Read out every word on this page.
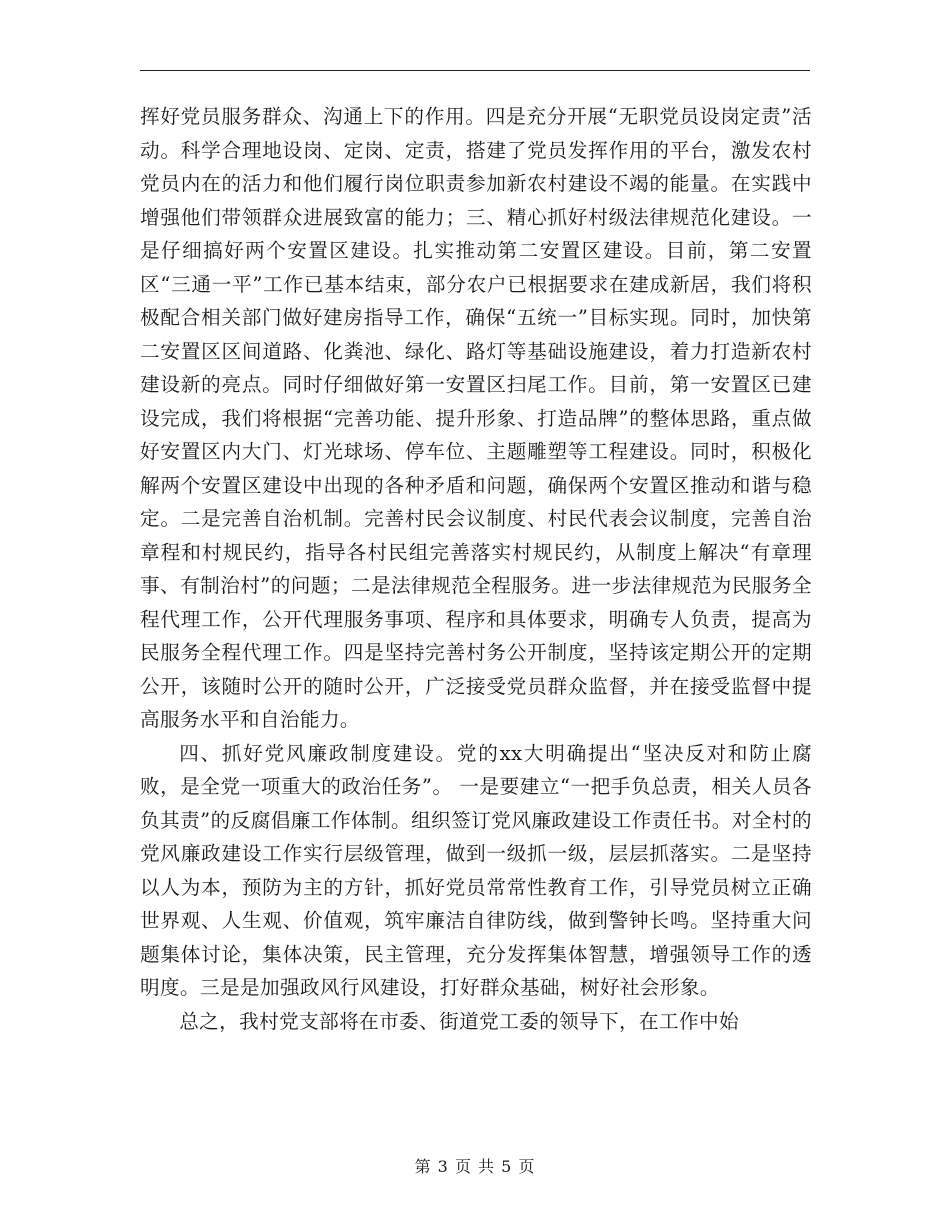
挥好党员服务群众、沟通上下的作用。四是充分开展“无职党员设岗定责”活动。科学合理地设岗、定岗、定责，搭建了党员发挥作用的平台，激发农村党员内在的活力和他们履行岗位职责参加新农村建设不竭的能量。在实践中增强他们带领群众进展致富的能力；三、精心抓好村级法律规范化建设。一是仔细搞好两个安置区建设。扎实推动第二安置区建设。目前，第二安置区“三通一平”工作已基本结束，部分农户已根据要求在建成新居，我们将积极配合相关部门做好建房指导工作，确保“五统一”目标实现。同时，加快第二安置区区间道路、化粪池、绿化、路灯等基础设施建设，着力打造新农村建设新的亮点。同时仔细做好第一安置区扫尾工作。目前，第一安置区已建设完成，我们将根据“完善功能、提升形象、打造品牌”的整体思路，重点做好安置区内大门、灯光球场、停车位、主题雕塑等工程建设。同时，积极化解两个安置区建设中出现的各种矛盾和问题，确保两个安置区推动和谐与稳定。二是完善自治机制。完善村民会议制度、村民代表会议制度，完善自治章程和村规民约，指导各村民组完善落实村规民约，从制度上解决“有章理事、有制治村”的问题；二是法律规范全程服务。进一步法律规范为民服务全程代理工作，公开代理服务事项、程序和具体要求，明确专人负责，提高为民服务全程代理工作。四是坚持完善村务公开制度，坚持该定期公开的定期公开，该随时公开的随时公开，广泛接受党员群众监督，并在接受监督中提高服务水平和自治能力。

四、抓好党风廉政制度建设。党的xx大明确提出“坚决反对和防止腐败，是全党一项重大的政治任务”。 一是要建立“一把手负总责，相关人员各负其责”的反腐倡廉工作体制。组织签订党风廉政建设工作责任书。对全村的党风廉政建设工作实行层级管理，做到一级抓一级，层层抓落实。二是坚持以人为本，预防为主的方针，抓好党员常常性教育工作，引导党员树立正确世界观、人生观、价值观，筑牢廉洁自律防线，做到警钟长鸣。坚持重大问题集体讨论，集体决策，民主管理，充分发挥集体智慧，增强领导工作的透明度。三是是加强政风行风建设，打好群众基础，树好社会形象。

总之，我村党支部将在市委、街道党工委的领导下，在工作中始

第 3 页 共 5 页
